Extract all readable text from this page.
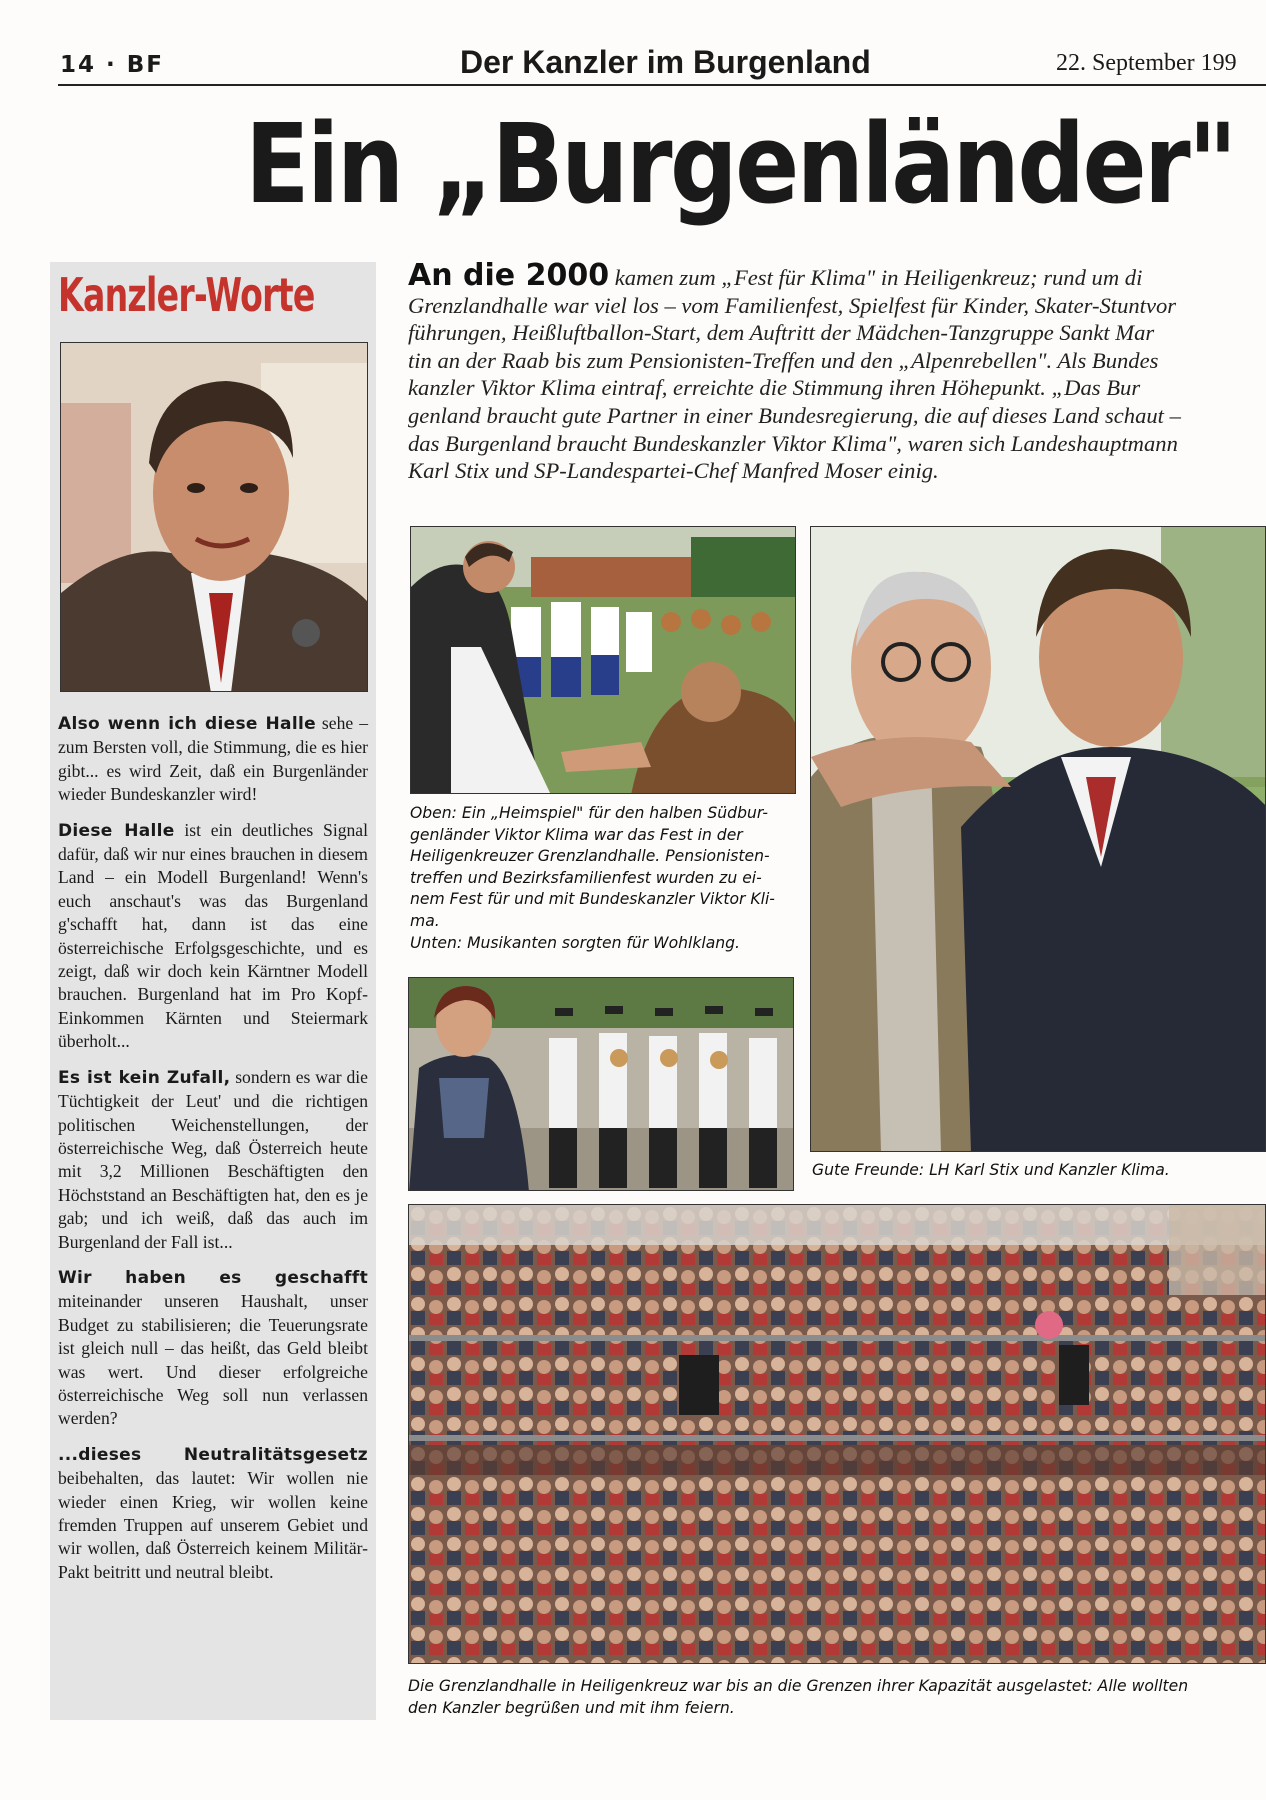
14 · BF	Der Kanzler im Burgenland	22. September 199
Ein „Burgenländer"
Kanzler-Worte

Also wenn ich diese Halle sehe – zum Bersten voll, die Stimmung, die es hier gibt... es wird Zeit, daß ein Burgenländer wieder Bundeskanzler wird!

Diese Halle ist ein deutliches Signal dafür, daß wir nur eines brauchen in diesem Land – ein Modell Burgenland! Wenn's euch anschaut's was das Burgenland g'schafft hat, dann ist das eine österreichische Erfolgsgeschichte, und es zeigt, daß wir doch kein Kärntner Modell brauchen. Burgenland hat im Pro Kopf-Einkommen Kärnten und Steiermark überholt...

Es ist kein Zufall, sondern es war die Tüchtigkeit der Leut' und die richtigen politischen Weichenstellungen, der österreichische Weg, daß Österreich heute mit 3,2 Millionen Beschäftigten den Höchststand an Beschäftigten hat, den es je gab; und ich weiß, daß das auch im Burgenland der Fall ist...

Wir haben es geschafft miteinander unseren Haushalt, unser Budget zu stabilisieren; die Teuerungsrate ist gleich null – das heißt, das Geld bleibt was wert. Und dieser erfolgreiche österreichische Weg soll nun verlassen werden?

...dieses Neutralitätsgesetz beibehalten, das lautet: Wir wollen nie wieder einen Krieg, wir wollen keine fremden Truppen auf unserem Gebiet und wir wollen, daß Österreich keinem Militär-Pakt beitritt und neutral bleibt.

An die 2000 kamen zum „Fest für Klima" in Heiligenkreuz; rund um di
Grenzlandhalle war viel los – vom Familienfest, Spielfest für Kinder, Skater-Stuntvor
führungen, Heißluftballon-Start, dem Auftritt der Mädchen-Tanzgruppe Sankt Mar
tin an der Raab bis zum Pensionisten-Treffen und den „Alpenrebellen". Als Bundes
kanzler Viktor Klima eintraf, erreichte die Stimmung ihren Höhepunkt. „Das Bur
genland braucht gute Partner in einer Bundesregierung, die auf dieses Land schaut –
das Burgenland braucht Bundeskanzler Viktor Klima", waren sich Landeshauptmann
Karl Stix und SP-Landespartei-Chef Manfred Moser einig.
Oben: Ein „Heimspiel" für den halben Südbur-
genländer Viktor Klima war das Fest in der
Heiligenkreuzer Grenzlandhalle. Pensionisten-
treffen und Bezirksfamilienfest wurden zu ei-
nem Fest für und mit Bundeskanzler Viktor Kli-
ma.
Unten: Musikanten sorgten für Wohlklang.
Gute Freunde: LH Karl Stix und Kanzler Klima.
Die Grenzlandhalle in Heiligenkreuz war bis an die Grenzen ihrer Kapazität ausgelastet: Alle wollten
den Kanzler begrüßen und mit ihm feiern.
